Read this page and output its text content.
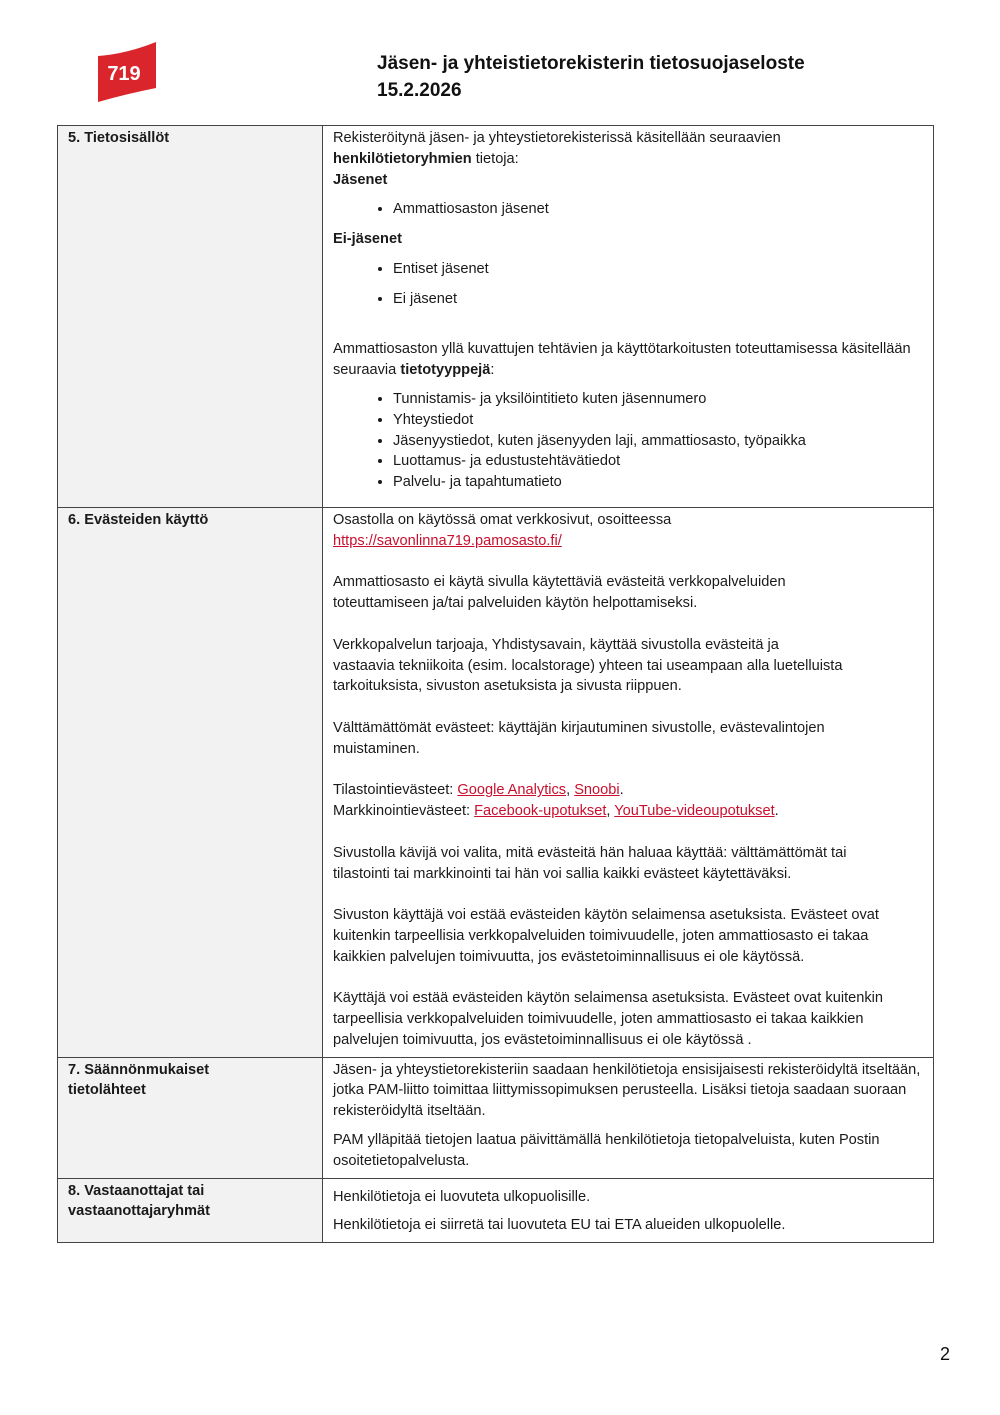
719	Jäsen- ja yhteistietorekisterin tietosuojaseloste
15.2.2026
5. Tietosisällöt	Rekisteröitynä jäsen- ja yhteystietorekisterissä käsitellään seuraavien
henkilötietoryhmien tietoja:

Jäsenet

• Ammattiosaston jäsenet

Ei-jäsenet

• Entiset jäsenet
• Ei jäsenet

Ammattiosaston yllä kuvattujen tehtävien ja käyttötarkoitusten toteuttamisessa käsitellään seuraavia tietotyyppejä:

• Tunnistamis- ja yksilöintitieto kuten jäsennumero
• Yhteystiedot
• Jäsenyystiedot, kuten jäsenyyden laji, ammattiosasto, työpaikka
• Luottamus- ja edustustehtävätiedot
• Palvelu- ja tapahtumatieto

6. Evästeiden käyttö	Osastolla on käytössä omat verkkosivut, osoitteessa

https://savonlinna719.pamosasto.fi/

Ammattiosasto ei käytä sivulla käytettäviä evästeitä verkkopalveluiden toteuttamiseen ja/tai palveluiden käytön helpottamiseksi.

Verkkopalvelun tarjoaja, Yhdistysavain, käyttää sivustolla evästeitä ja vastaavia tekniikoita (esim. localstorage) yhteen tai useampaan alla luetelluista tarkoituksista, sivuston asetuksista ja sivusta riippuen.

Välttämättömät evästeet: käyttäjän kirjautuminen sivustolle, evästevalintojen muistaminen.

Tilastointievästeet: Google Analytics, Snoobi.
Markkinointievästeet: Facebook-upotukset, YouTube-videoupotukset.

Sivustolla kävijä voi valita, mitä evästeitä hän haluaa käyttää: välttämättömät tai tilastointi tai markkinointi tai hän voi sallia kaikki evästeet käytettäväksi.

Sivuston käyttäjä voi estää evästeiden käytön selaimensa asetuksista. Evästeet ovat kuitenkin tarpeellisia verkkopalveluiden toimivuudelle, joten ammattiosasto ei takaa kaikkien palvelujen toimivuutta, jos evästetoiminnallisuus ei ole käytössä.

Käyttäjä voi estää evästeiden käytön selaimensa asetuksista. Evästeet ovat kuitenkin tarpeellisia verkkopalveluiden toimivuudelle, joten ammattiosasto ei takaa kaikkien palvelujen toimivuutta, jos evästetoiminnallisuus ei ole käytössä .

7. Säännönmukaiset tietolähteet	Jäsen- ja yhteystietorekisteriin saadaan henkilötietoja ensisijaisesti rekisteröidyltä itseltään, jotka PAM-liitto toimittaa liittymissopimuksen perusteella. Lisäksi tietoja saadaan suoraan rekisteröidyltä itseltään.

PAM ylläpitää tietojen laatua päivittämällä henkilötietoja tietopalveluista, kuten Postin osoitetietopalvelusta.

8. Vastaanottajat tai vastaanottajaryhmät	Henkilötietoja ei luovuteta ulkopuolisille.

Henkilötietoja ei siirretä tai luovuteta EU tai ETA alueiden ulkopuolelle.

2
